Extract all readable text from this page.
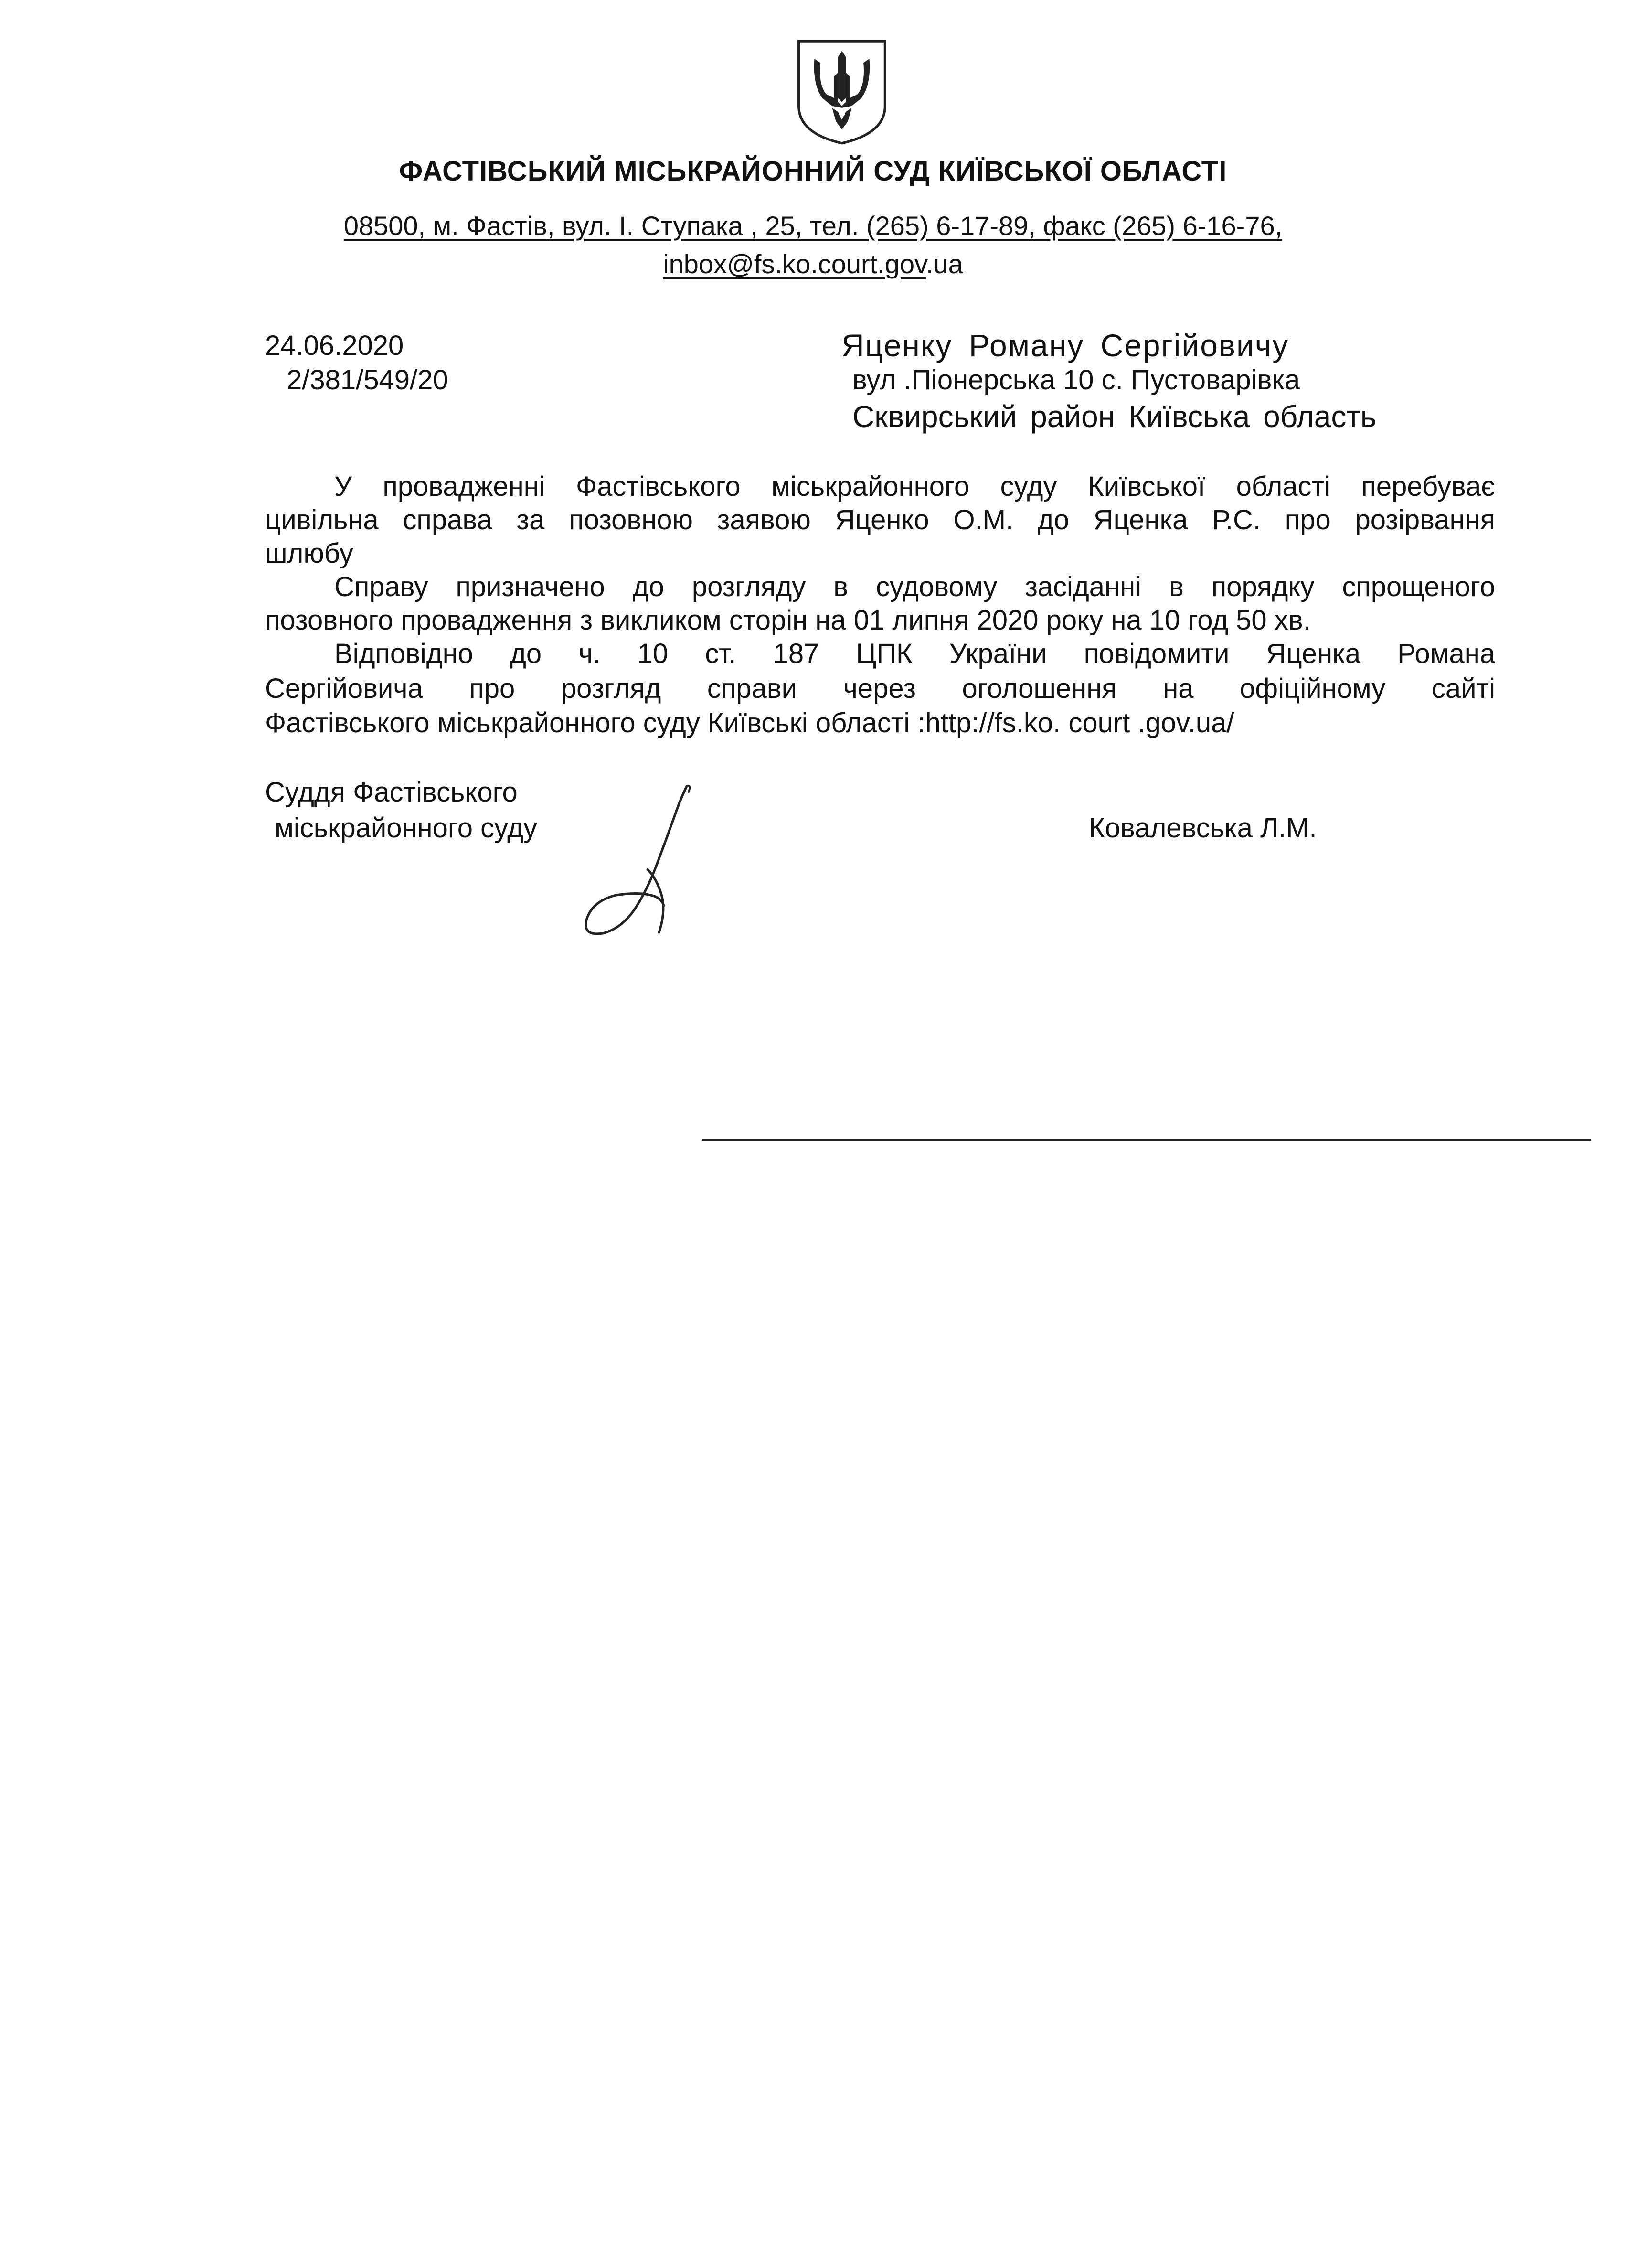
ФАСТІВСЬКИЙ МІСЬКРАЙОННИЙ СУД КИЇВСЬКОЇ ОБЛАСТІ
08500, м. Фастів, вул. І. Ступака , 25, тел. (265) 6-17-89, факс (265) 6-16-76,
inbox@fs.ko.court.gov.ua
24.06.2020
2/381/549/20
Яценку Роману Сергійовичу
вул .Піонерська 10 с. Пустоварівка
Сквирський район Київська область
У провадженні Фастівського міськрайонного суду Київської області перебуває
цивільна справа за позовною заявою Яценко О.М. до Яценка Р.С. про розірвання
шлюбу
Справу призначено до розгляду в судовому засіданні в порядку спрощеного
позовного провадження з викликом сторін на 01 липня 2020 року на 10 год 50 хв.
Відповідно до ч. 10 ст. 187 ЦПК України повідомити Яценка Романа
Сергійовича про розгляд справи через оголошення на офіційному сайті
Фастівського міськрайонного суду Київські області :http://fs.ko. court .gov.ua/
Суддя Фастівського
міськрайонного суду	Ковалевська Л.М.
